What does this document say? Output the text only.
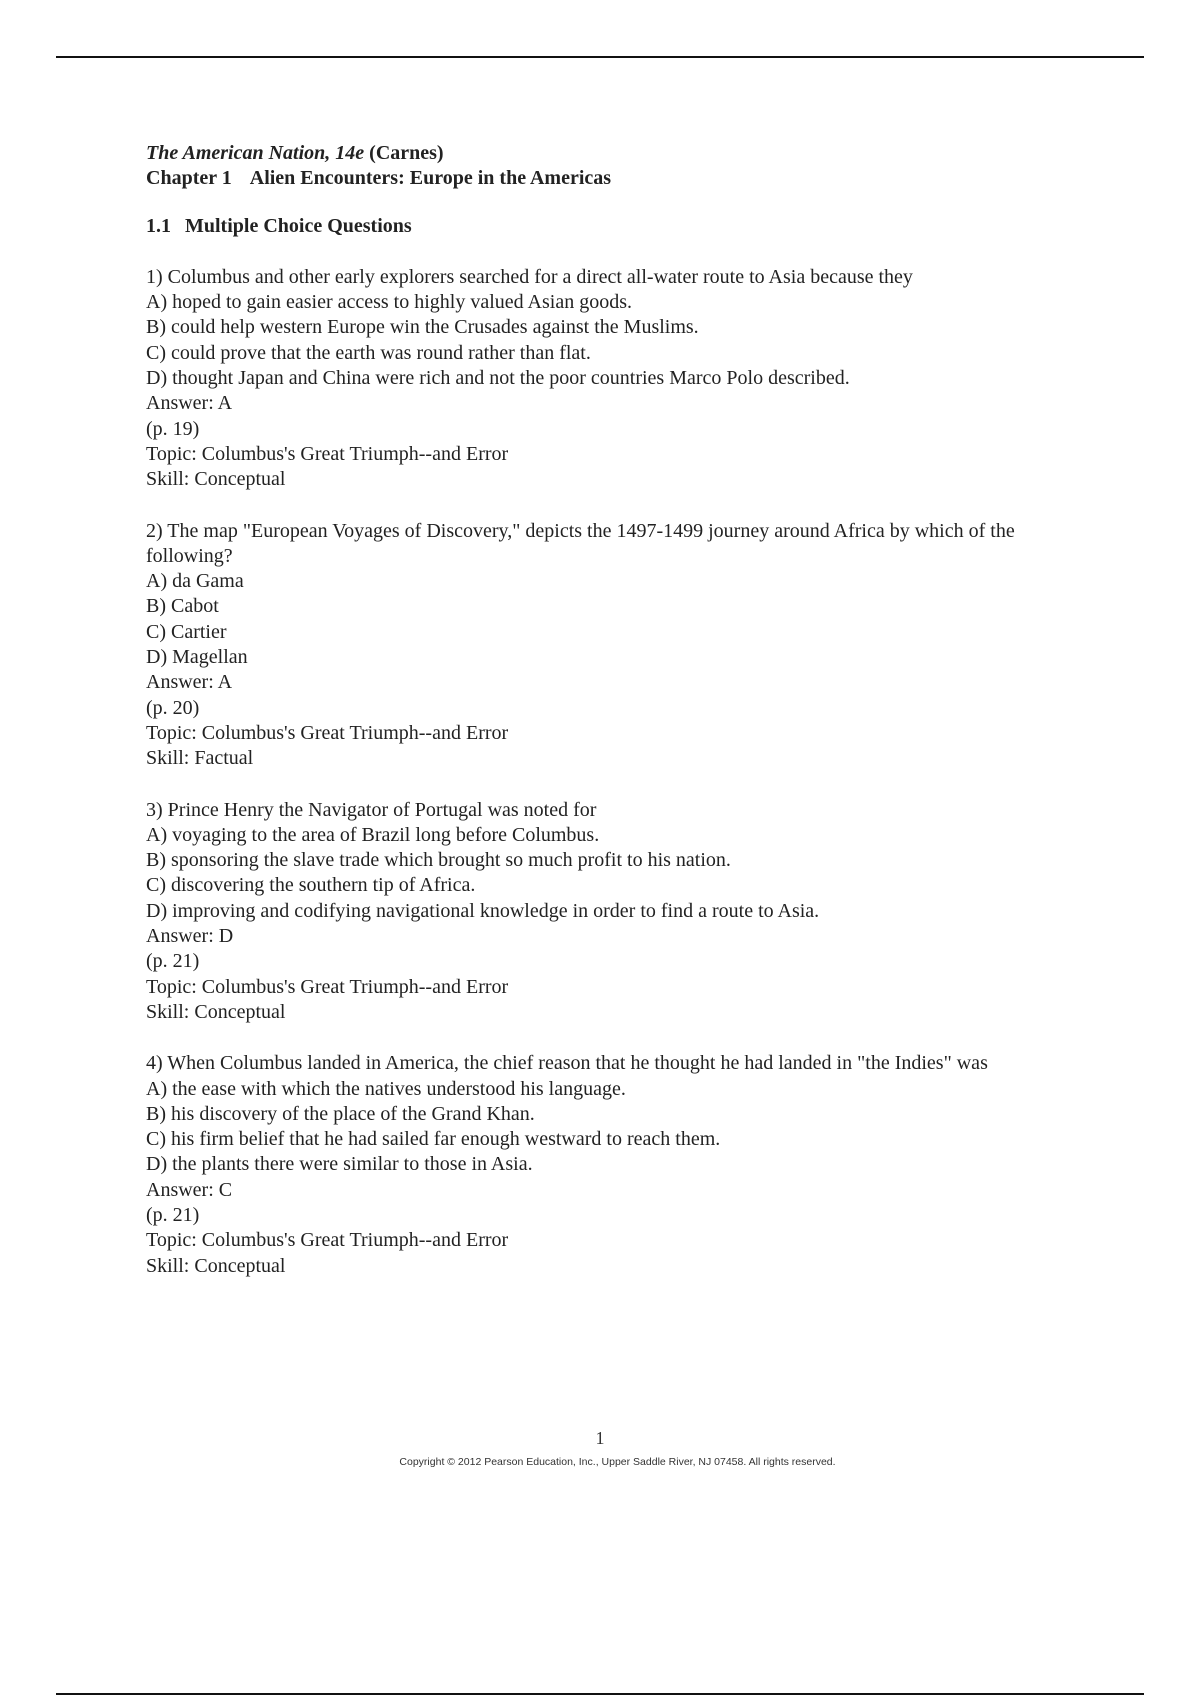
The American Nation, 14e (Carnes)

Chapter 1 Alien Encounters: Europe in the Americas

1.1 Multiple Choice Questions

1) Columbus and other early explorers searched for a direct all-water route to Asia because they

A) hoped to gain easier access to highly valued Asian goods.

B) could help western Europe win the Crusades against the Muslims.

C) could prove that the earth was round rather than flat.

D) thought Japan and China were rich and not the poor countries Marco Polo described.

Answer: A

(p. 19)

Topic: Columbus's Great Triumph--and Error

Skill: Conceptual

2) The map "European Voyages of Discovery," depicts the 1497-1499 journey around Africa by which of the following?

A) da Gama

B) Cabot

C) Cartier

D) Magellan

Answer: A

(p. 20)

Topic: Columbus's Great Triumph--and Error

Skill: Factual

3) Prince Henry the Navigator of Portugal was noted for

A) voyaging to the area of Brazil long before Columbus.

B) sponsoring the slave trade which brought so much profit to his nation.

C) discovering the southern tip of Africa.

D) improving and codifying navigational knowledge in order to find a route to Asia.

Answer: D

(p. 21)

Topic: Columbus's Great Triumph--and Error

Skill: Conceptual

4) When Columbus landed in America, the chief reason that he thought he had landed in "the Indies" was

A) the ease with which the natives understood his language.

B) his discovery of the place of the Grand Khan.

C) his firm belief that he had sailed far enough westward to reach them.

D) the plants there were similar to those in Asia.

Answer: C

(p. 21)

Topic: Columbus's Great Triumph--and Error

Skill: Conceptual

1

Copyright © 2012 Pearson Education, Inc., Upper Saddle River, NJ 07458. All rights reserved.
